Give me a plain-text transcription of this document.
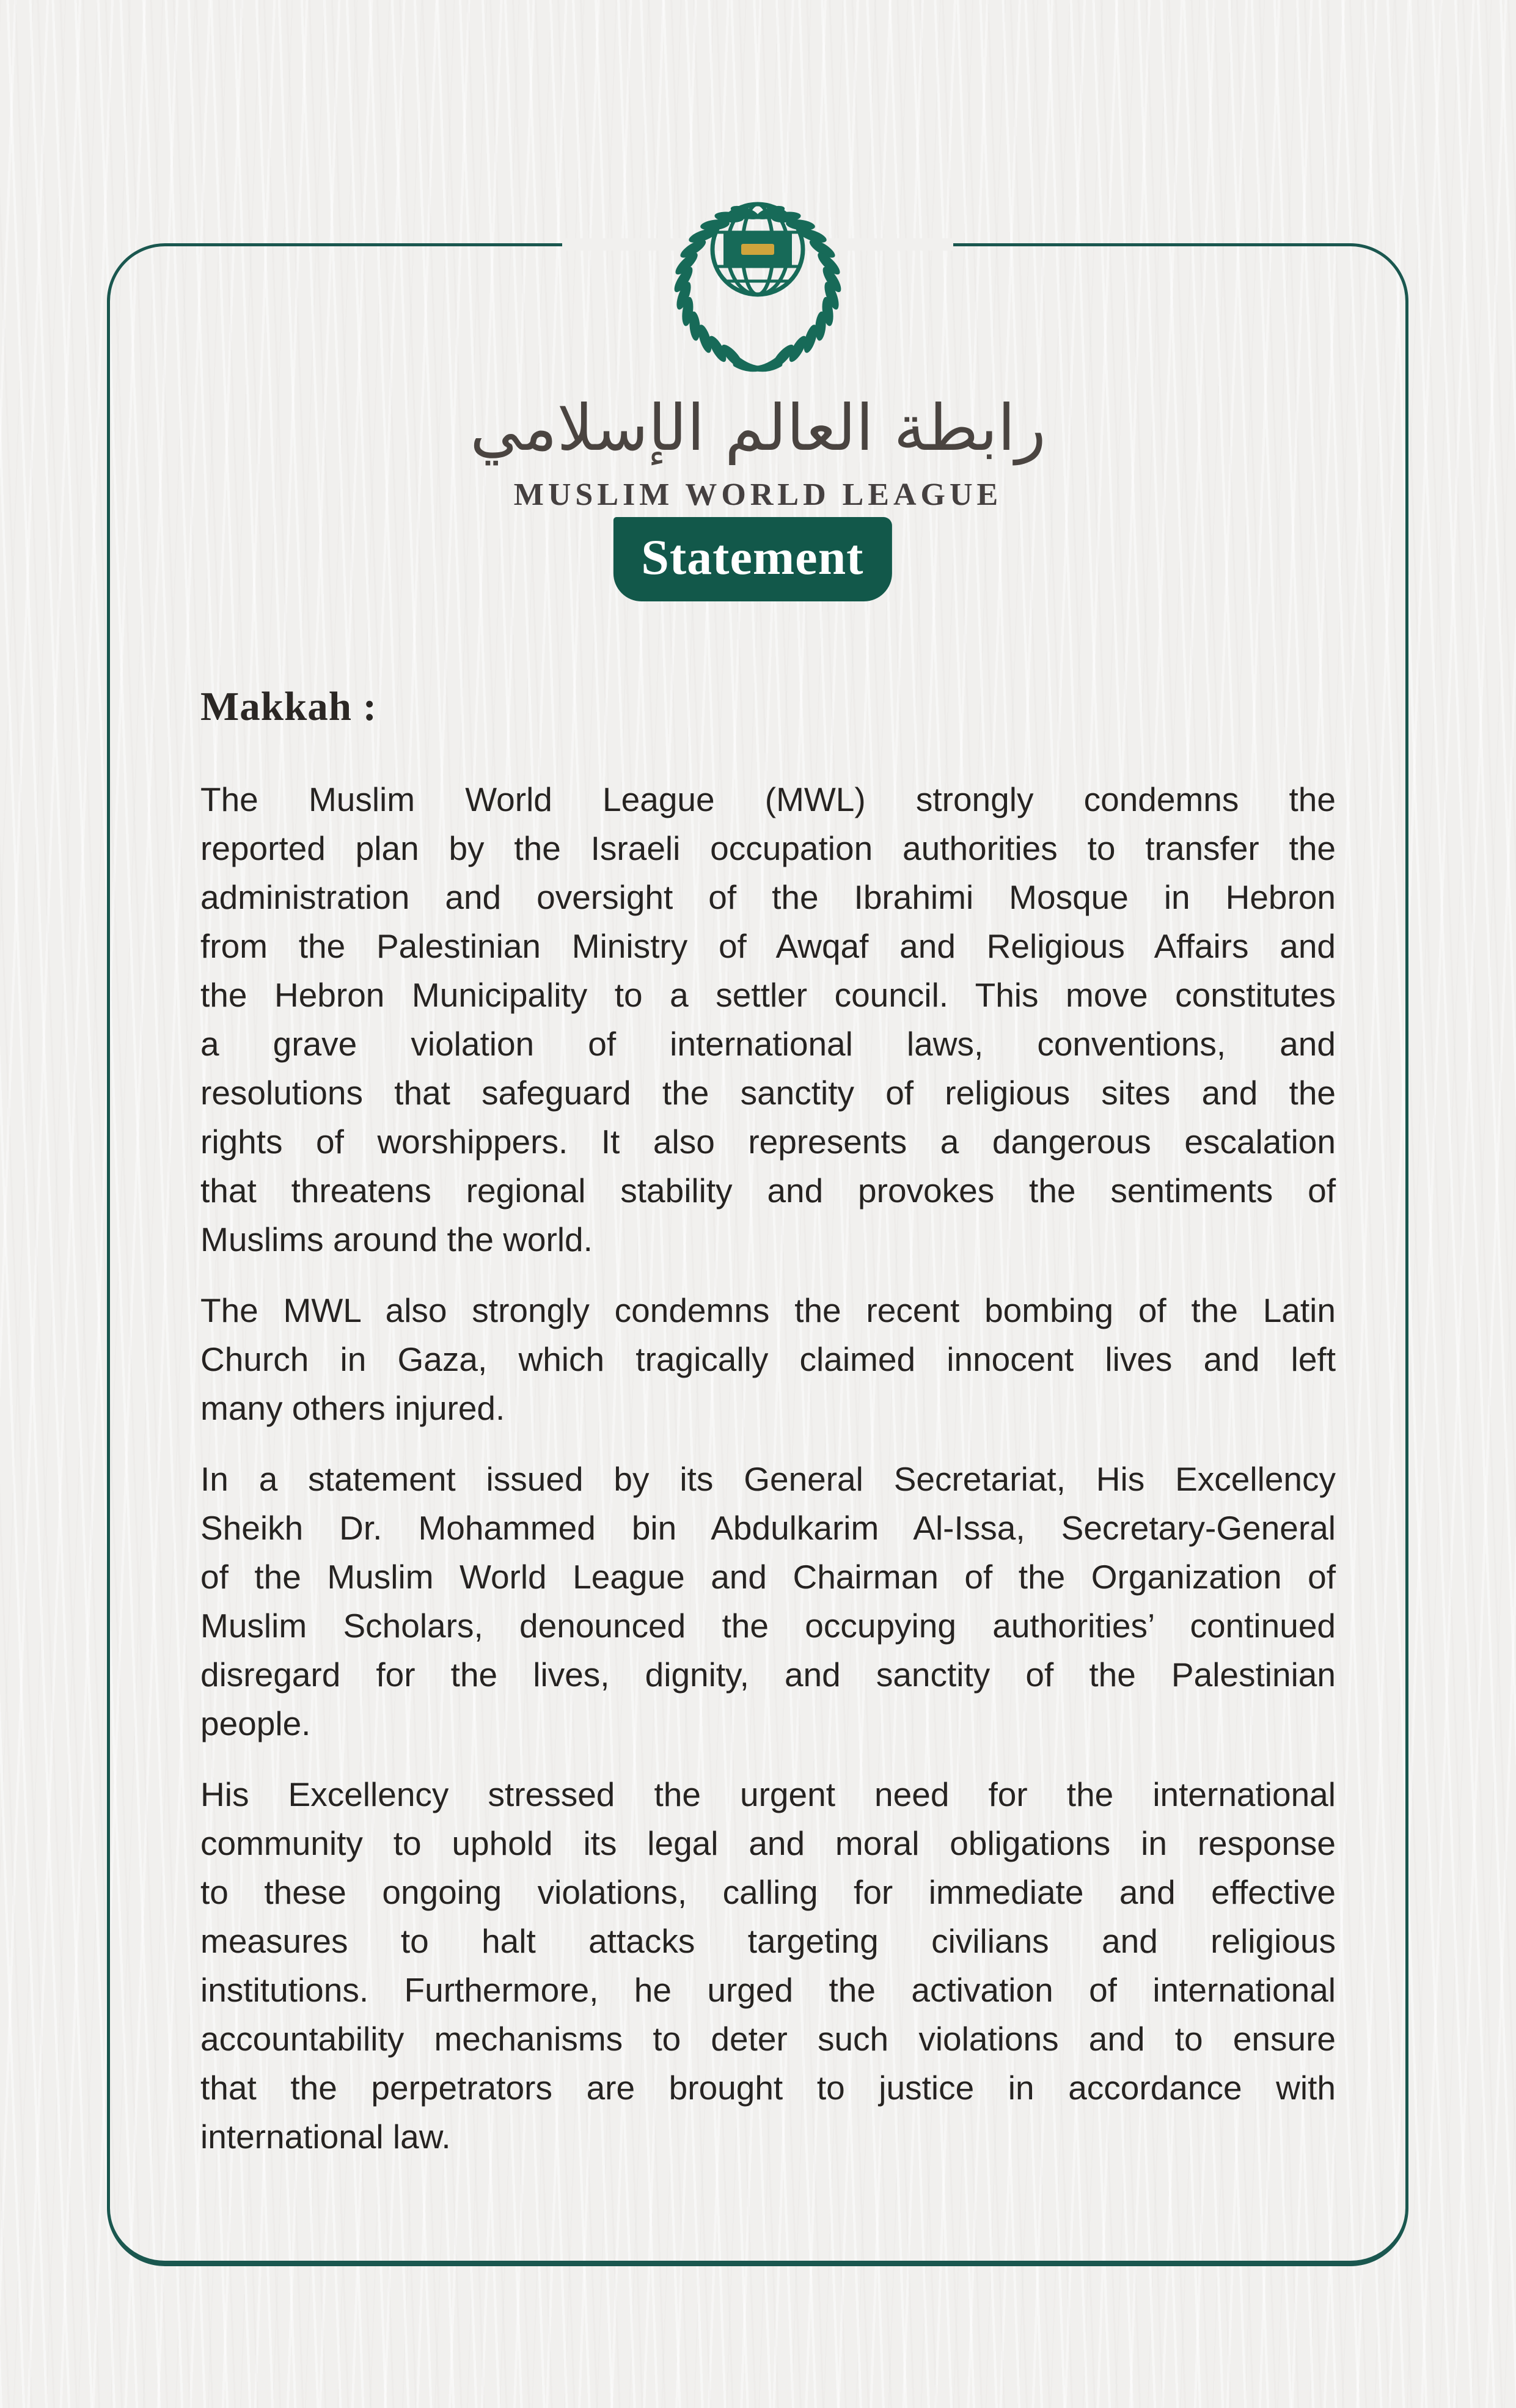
رابطة العالم الإسلامي
MUSLIM WORLD LEAGUE
Statement
Makkah :
The Muslim World League (MWL) strongly condemns the
reported plan by the Israeli occupation authorities to transfer the
administration and oversight of the Ibrahimi Mosque in Hebron
from the Palestinian Ministry of Awqaf and Religious Affairs and
the Hebron Municipality to a settler council. This move constitutes
a grave violation of international laws, conventions, and
resolutions that safeguard the sanctity of religious sites and the
rights of worshippers. It also represents a dangerous escalation
that threatens regional stability and provokes the sentiments of
Muslims around the world.
The MWL also strongly condemns the recent bombing of the Latin
Church in Gaza, which tragically claimed innocent lives and left
many others injured.
In a statement issued by its General Secretariat, His Excellency
Sheikh Dr. Mohammed bin Abdulkarim Al-Issa, Secretary-General
of the Muslim World League and Chairman of the Organization of
Muslim Scholars, denounced the occupying authorities’ continued
disregard for the lives, dignity, and sanctity of the Palestinian
people.
His Excellency stressed the urgent need for the international
community to uphold its legal and moral obligations in response
to these ongoing violations, calling for immediate and effective
measures to halt attacks targeting civilians and religious
institutions. Furthermore, he urged the activation of international
accountability mechanisms to deter such violations and to ensure
that the perpetrators are brought to justice in accordance with
international law.
